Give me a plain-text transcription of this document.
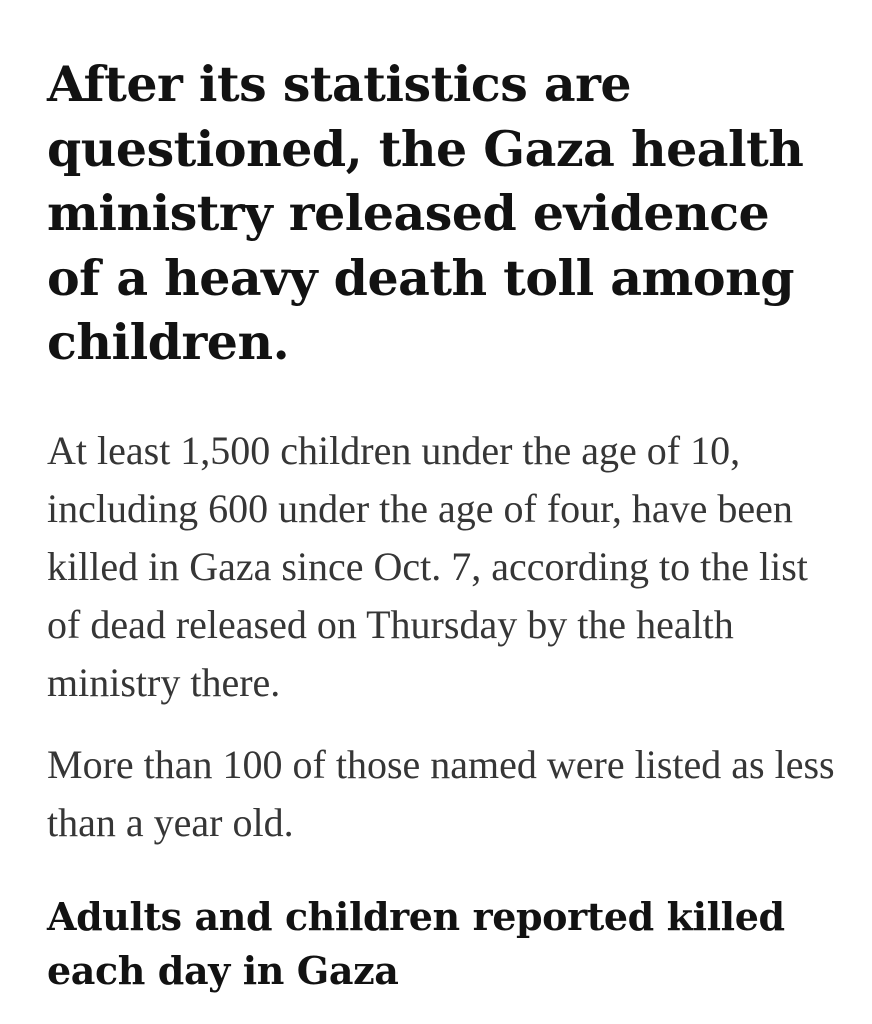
After its statistics are questioned, the Gaza health ministry released evidence of a heavy death toll among children.

At least 1,500 children under the age of 10, including 600 under the age of four, have been killed in Gaza since Oct. 7, according to the list of dead released on Thursday by the health ministry there.

More than 100 of those named were listed as less than a year old.

Adults and children reported killed each day in Gaza
